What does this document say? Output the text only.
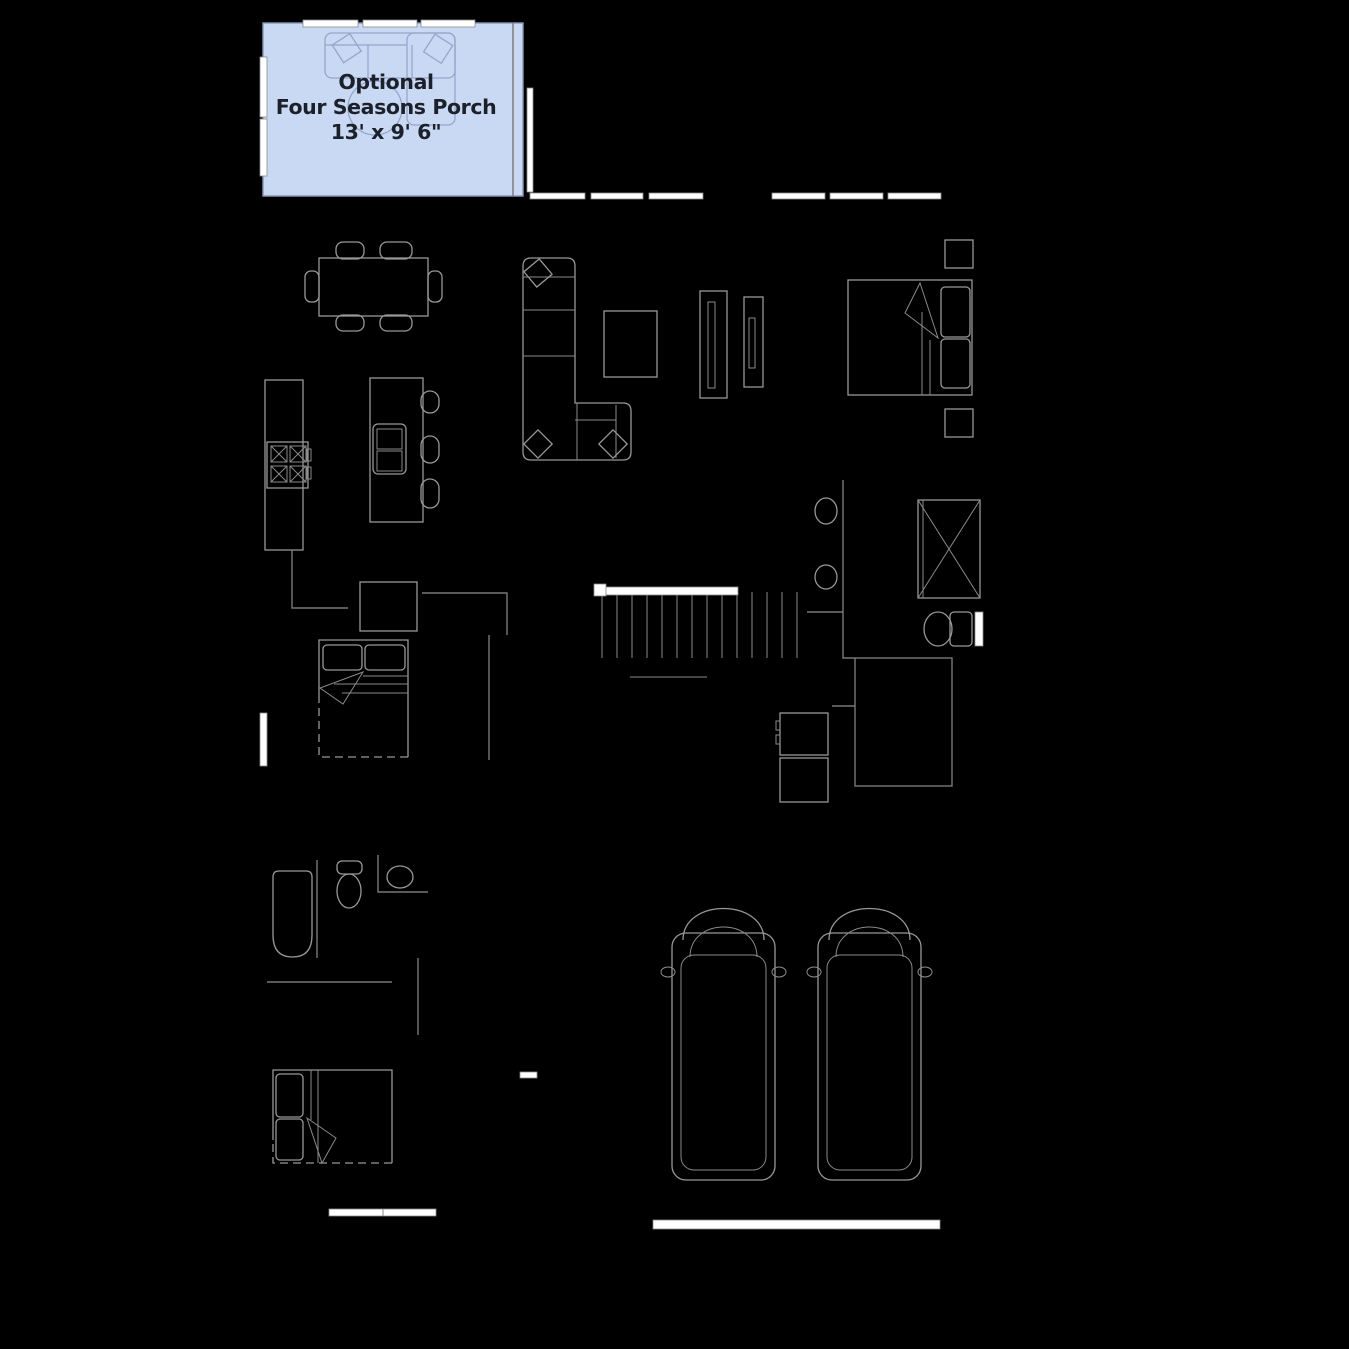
Optional
Four Seasons Porch
13' x 9' 6"
